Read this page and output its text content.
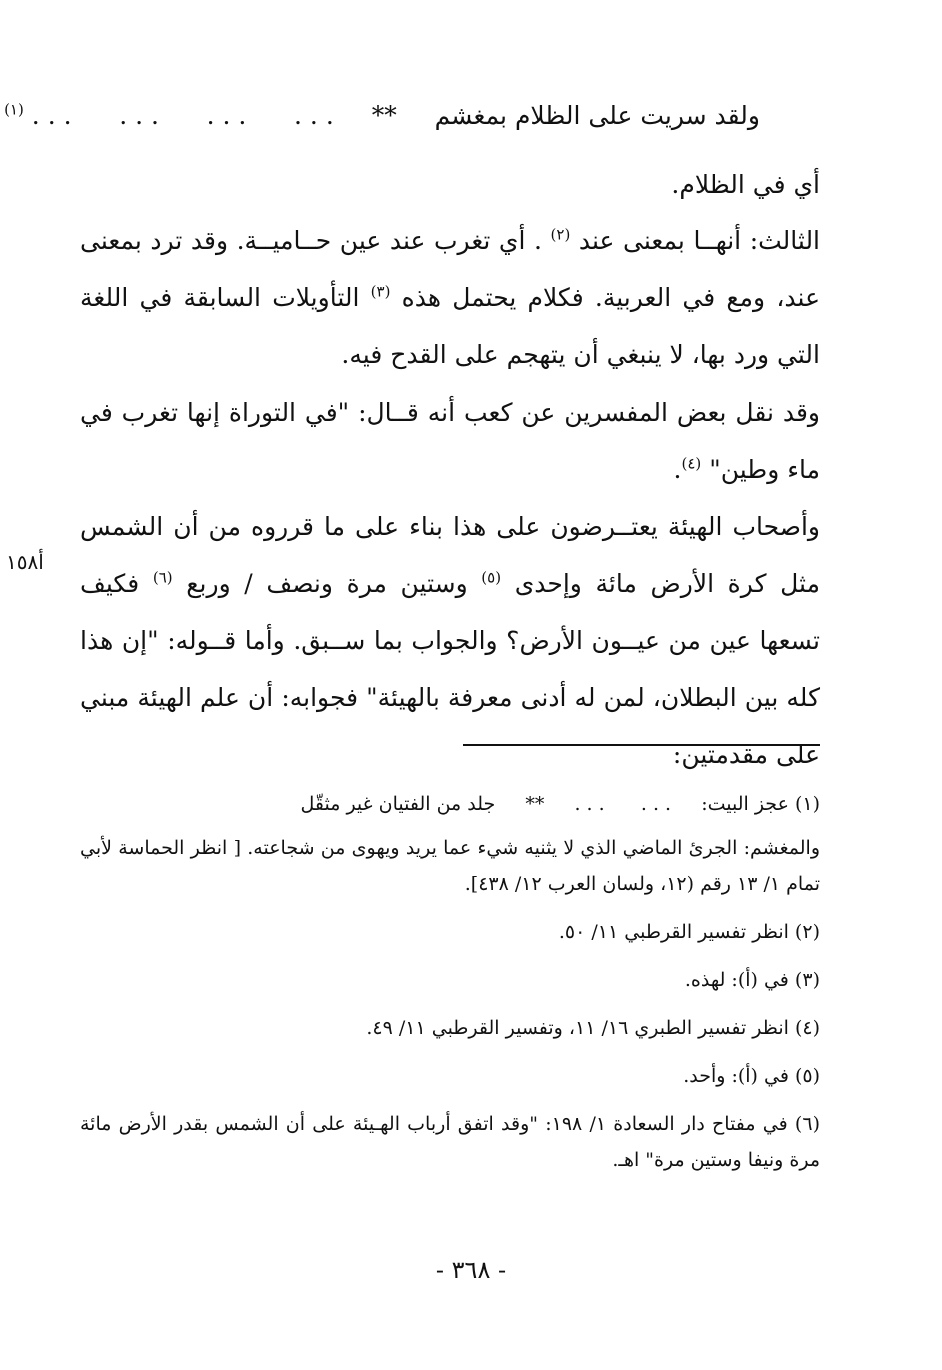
ولقد سريت على الظلام بمغشم  **  . . .      . . .      . . .      . . . $^{(١)}$
أي في الظلام.
الثالث: أنهــا بمعنى عند $^{(٢)}$ . أي تغرب عند عين حــاميــة. وقد ترد بمعنى عند، ومع في العربية. فكلام يحتمل هذه $^{(٣)}$ التأويلات السابقة في اللغة التي ورد بها، لا ينبغي أن يتهجم على القدح فيه.
وقد نقل بعض المفسرين عن كعب أنه قــال: "في التوراة إنها تغرب في ماء وطين" $^{(٤)}$.
وأصحاب الهيئة يعتــرضون على هذا بناء على ما قرروه من أن الشمس مثل كرة الأرض مائة وإحدى $^{(٥)}$ وستين مرة ونصف / وربع $^{(٦)}$ فكيف تسعها عين من عيــون الأرض؟ والجواب بما ســبق. وأما قــوله: "إن هذا كله بين البطلان، لمن له أدنى معرفة بالهيئة" فجوابه: أن علم الهيئة مبني على مقدمتين:
أ١٥٨
(١) عجز البيت:  . . .      . . .  **  جلد من الفتيان غير مثقّل
والمغشم: الجرئ الماضي الذي لا يثنيه شيء عما يريد ويهوى من شجاعته. [ انظر الحماسة لأبي تمام ١/ ١٣ رقم (١٢، ولسان العرب ١٢/ ٤٣٨].
(٢) انظر تفسير القرطبي ١١/ ٥٠.
(٣) في (أ): لهذه.
(٤) انظر تفسير الطبري ١٦/ ١١، وتفسير القرطبي ١١/ ٤٩.
(٥) في (أ): وأحد.
(٦) في مفتاح دار السعادة ١/ ١٩٨: "وقد اتفق أرباب الهـيئة على أن الشمس بقدر الأرض مائة مرة ونيفا وستين مرة" اهـ.
- ٣٦٨ -
